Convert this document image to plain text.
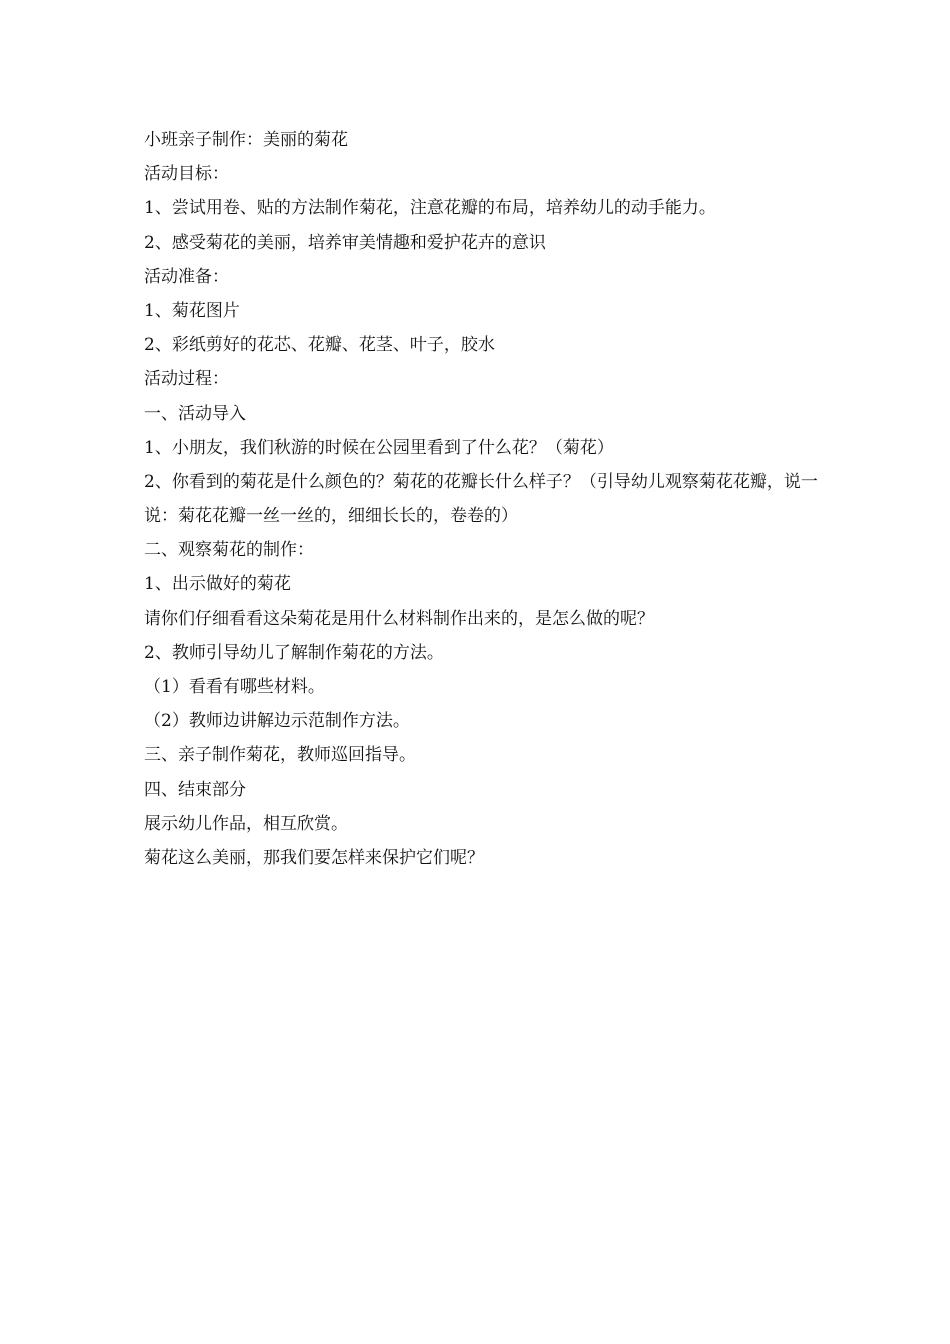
小班亲子制作：美丽的菊花

活动目标：

1、尝试用卷、贴的方法制作菊花，注意花瓣的布局，培养幼儿的动手能力。

2、感受菊花的美丽，培养审美情趣和爱护花卉的意识

活动准备：

1、菊花图片

2、彩纸剪好的花芯、花瓣、花茎、叶子，胶水

活动过程：

一、活动导入

1、小朋友，我们秋游的时候在公园里看到了什么花？（菊花）

2、你看到的菊花是什么颜色的？菊花的花瓣长什么样子？（引导幼儿观察菊花花瓣，说一说：菊花花瓣一丝一丝的，细细长长的，卷卷的）

二、观察菊花的制作：

1、出示做好的菊花

请你们仔细看看这朵菊花是用什么材料制作出来的，是怎么做的呢？

2、教师引导幼儿了解制作菊花的方法。

（1）看看有哪些材料。

（2）教师边讲解边示范制作方法。

三、亲子制作菊花，教师巡回指导。

四、结束部分

展示幼儿作品，相互欣赏。

菊花这么美丽，那我们要怎样来保护它们呢？
